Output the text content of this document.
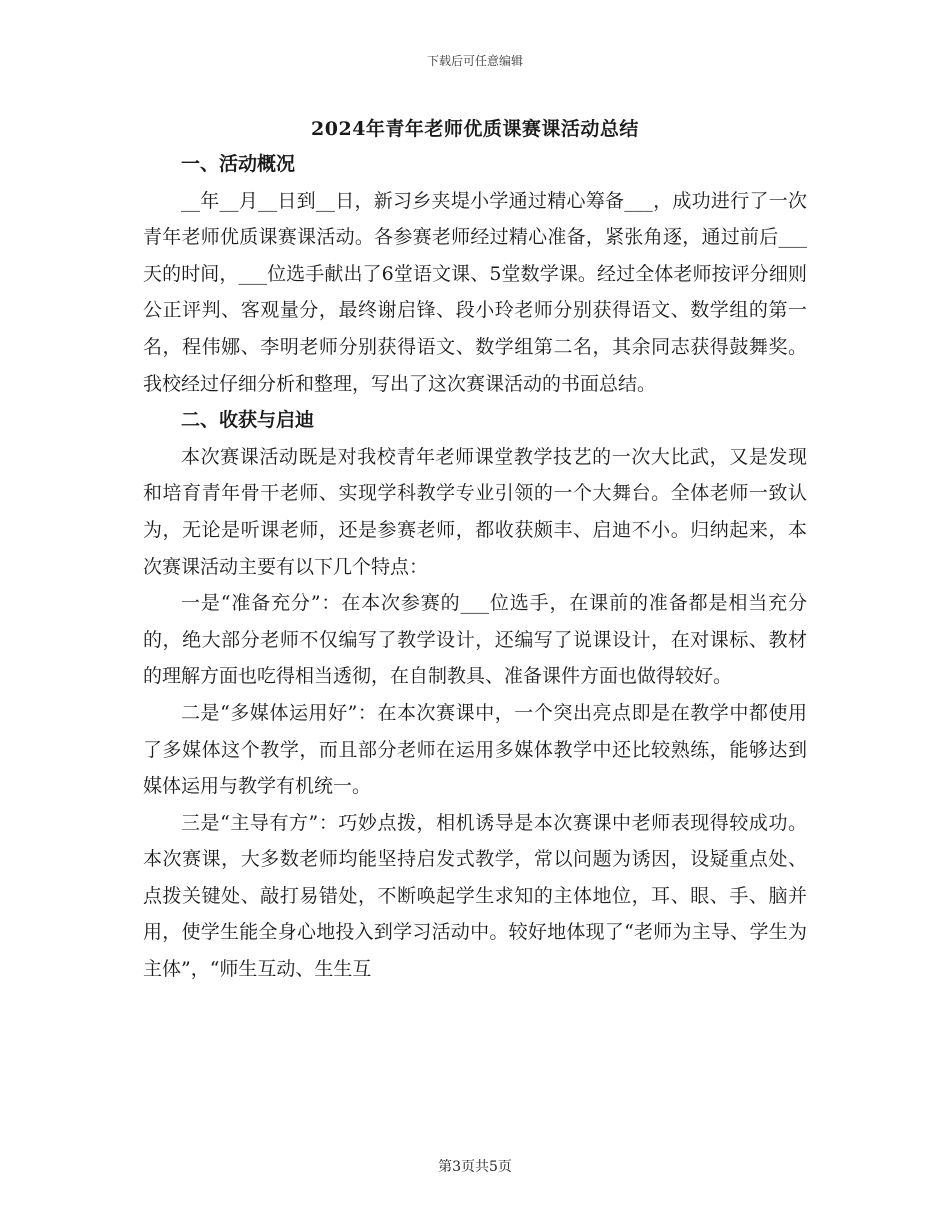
下载后可任意编辑
2024年青年老师优质课赛课活动总结
一、活动概况

__年__月__日到__日，新习乡夹堤小学通过精心筹备___，成功进行了一次青年老师优质课赛课活动。各参赛老师经过精心准备，紧张角逐，通过前后___天的时间，___位选手献出了6堂语文课、5堂数学课。经过全体老师按评分细则公正评判、客观量分，最终谢启锋、段小玲老师分别获得语文、数学组的第一名，程伟娜、李明老师分别获得语文、数学组第二名，其余同志获得鼓舞奖。我校经过仔细分析和整理，写出了这次赛课活动的书面总结。

二、收获与启迪

本次赛课活动既是对我校青年老师课堂教学技艺的一次大比武，又是发现和培育青年骨干老师、实现学科教学专业引领的一个大舞台。全体老师一致认为，无论是听课老师，还是参赛老师，都收获颇丰、启迪不小。归纳起来，本次赛课活动主要有以下几个特点：

一是“准备充分”：在本次参赛的___位选手，在课前的准备都是相当充分的，绝大部分老师不仅编写了教学设计，还编写了说课设计，在对课标、教材的理解方面也吃得相当透彻，在自制教具、准备课件方面也做得较好。

二是“多媒体运用好”：在本次赛课中，一个突出亮点即是在教学中都使用了多媒体这个教学，而且部分老师在运用多媒体教学中还比较熟练，能够达到媒体运用与教学有机统一。

三是“主导有方”：巧妙点拨，相机诱导是本次赛课中老师表现得较成功。本次赛课，大多数老师均能坚持启发式教学，常以问题为诱因，设疑重点处、点拨关键处、敲打易错处，不断唤起学生求知的主体地位，耳、眼、手、脑并用，使学生能全身心地投入到学习活动中。较好地体现了“老师为主导、学生为主体”，“师生互动、生生互

第3页共5页
